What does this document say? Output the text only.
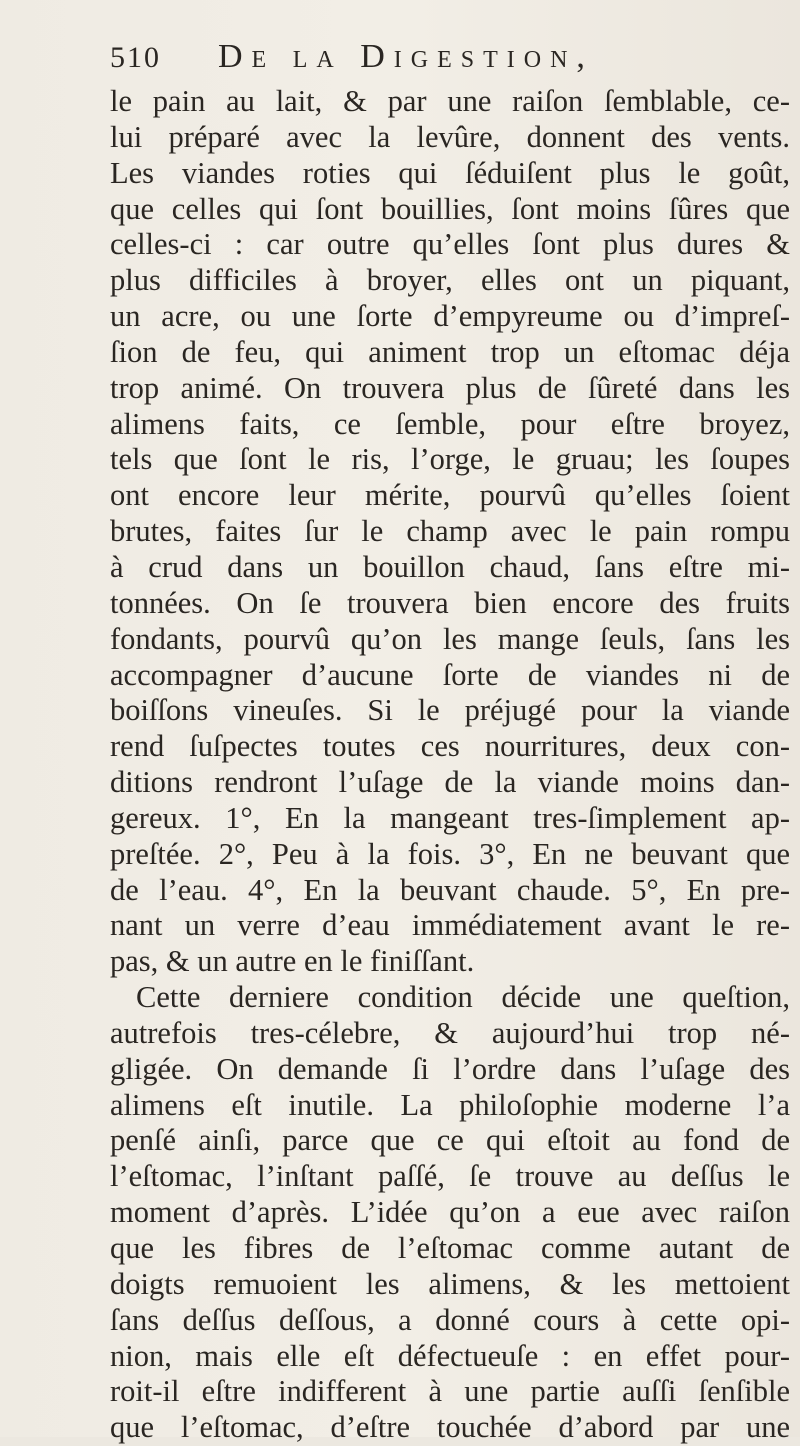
510	De la Digestion,
le pain au lait, & par une raiſon ſemblable, ce-
lui préparé avec la levûre, donnent des vents.
Les viandes roties qui ſéduiſent plus le goût,
que celles qui ſont bouillies, ſont moins ſûres que
celles-ci : car outre qu’elles ſont plus dures &
plus difficiles à broyer, elles ont un piquant,
un acre, ou une ſorte d’empyreume ou d’impreſ-
ſion de feu, qui animent trop un eſtomac déja
trop animé. On trouvera plus de ſûreté dans les
alimens faits, ce ſemble, pour eſtre broyez,
tels que ſont le ris, l’orge, le gruau; les ſoupes
ont encore leur mérite, pourvû qu’elles ſoient
brutes, faites ſur le champ avec le pain rompu
à crud dans un bouillon chaud, ſans eſtre mi-
tonnées. On ſe trouvera bien encore des fruits
fondants, pourvû qu’on les mange ſeuls, ſans les
accompagner d’aucune ſorte de viandes ni de
boiſſons vineuſes. Si le préjugé pour la viande
rend ſuſpectes toutes ces nourritures, deux con-
ditions rendront l’uſage de la viande moins dan-
gereux. 1°, En la mangeant tres-ſimplement ap-
preſtée. 2°, Peu à la fois. 3°, En ne beuvant que
de l’eau. 4°, En la beuvant chaude. 5°, En pre-
nant un verre d’eau immédiatement avant le re-
pas, & un autre en le finiſſant.
Cette derniere condition décide une queſtion,
autrefois tres-célebre, & aujourd’hui trop né-
gligée. On demande ſi l’ordre dans l’uſage des
alimens eſt inutile. La philoſophie moderne l’a
penſé ainſi, parce que ce qui eſtoit au fond de
l’eſtomac, l’inſtant paſſé, ſe trouve au deſſus le
moment d’après. L’idée qu’on a eue avec raiſon
que les fibres de l’eſtomac comme autant de
doigts remuoient les alimens, & les mettoient
ſans deſſus deſſous, a donné cours à cette opi-
nion, mais elle eſt défectueuſe : en effet pour-
roit-il eſtre indifferent à une partie auſſi ſenſible
que l’eſtomac, d’eſtre touchée d’abord par une
